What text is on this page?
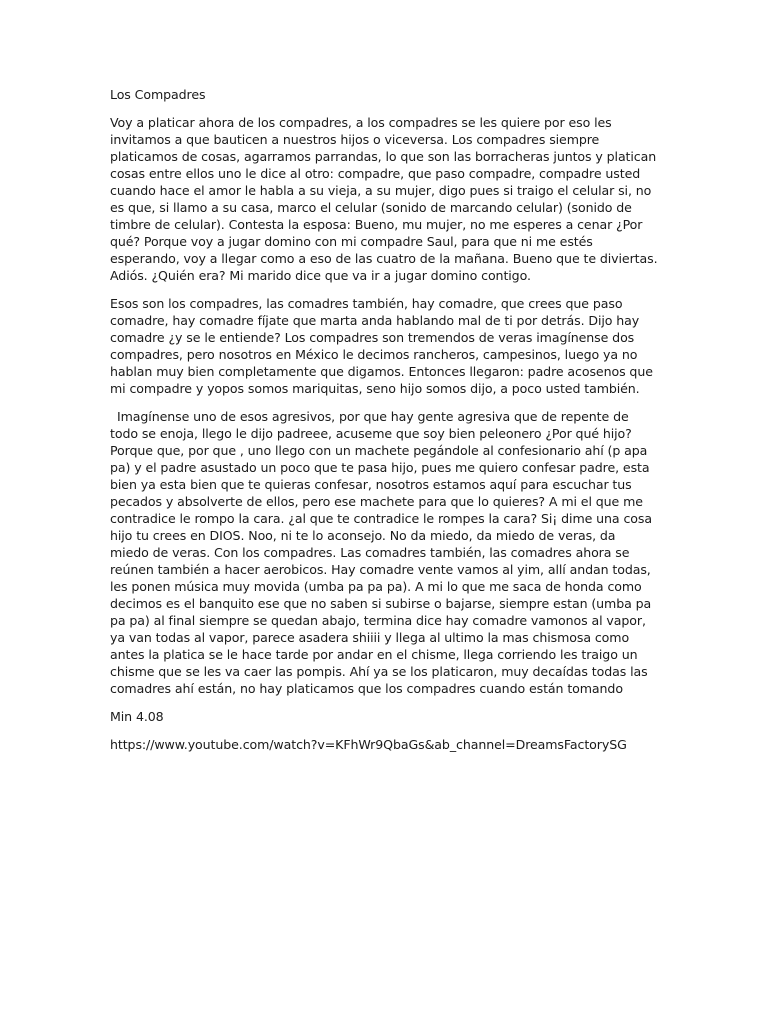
Los Compadres

Voy a platicar ahora de los compadres, a los compadres se les quiere por eso les invitamos a que bauticen a nuestros hijos o viceversa. Los compadres siempre platicamos de cosas, agarramos parrandas, lo que son las borracheras juntos y platican cosas entre ellos uno le dice al otro: compadre, que paso compadre, compadre usted cuando hace el amor le habla a su vieja, a su mujer, digo pues si traigo el celular si, no es que, si llamo a su casa, marco el celular (sonido de marcando celular) (sonido de timbre de celular). Contesta la esposa: Bueno, mu mujer, no me esperes a cenar ¿Por qué? Porque voy a jugar domino con mi compadre Saul, para que ni me estés esperando, voy a llegar como a eso de las cuatro de la mañana. Bueno que te diviertas. Adiós. ¿Quién era? Mi marido dice que va ir a jugar domino contigo.

Esos son los compadres, las comadres también, hay comadre, que crees que paso comadre, hay comadre fíjate que marta anda hablando mal de ti por detrás. Dijo hay comadre ¿y se le entiende? Los compadres son tremendos de veras imagínense dos compadres, pero nosotros en México le decimos rancheros, campesinos, luego ya no hablan muy bien completamente que digamos. Entonces llegaron: padre acosenos que mi compadre y yopos somos mariquitas, seno hijo somos dijo, a poco usted también.

Imagínense uno de esos agresivos, por que hay gente agresiva que de repente de todo se enoja, llego le dijo padreee, acuseme que soy bien peleonero ¿Por qué hijo? Porque que, por que , uno llego con un machete pegándole al confesionario ahí (p apa pa) y el padre asustado un poco que te pasa hijo, pues me quiero confesar padre, esta bien ya esta bien que te quieras confesar, nosotros estamos aquí para escuchar tus pecados y absolverte de ellos, pero ese machete para que lo quieres? A mi el que me contradice le rompo la cara. ¿al que te contradice le rompes la cara? Si¡ dime una cosa hijo tu crees en DIOS. Noo, ni te lo aconsejo. No da miedo, da miedo de veras, da miedo de veras. Con los compadres. Las comadres también, las comadres ahora se reúnen también a hacer aerobicos. Hay comadre vente vamos al yim, allí andan todas, les ponen música muy movida (umba pa pa pa). A mi lo que me saca de honda como decimos es el banquito ese que no saben si subirse o bajarse, siempre estan (umba pa pa pa) al final siempre se quedan abajo, termina dice hay comadre vamonos al vapor, ya van todas al vapor, parece asadera shiiii y llega al ultimo la mas chismosa como antes la platica se le hace tarde por andar en el chisme, llega corriendo les traigo un chisme que se les va caer las pompis. Ahí ya se los platicaron, muy decaídas todas las comadres ahí están, no hay platicamos que los compadres cuando están tomando

Min 4.08

https://www.youtube.com/watch?v=KFhWr9QbaGs&ab_channel=DreamsFactorySG
